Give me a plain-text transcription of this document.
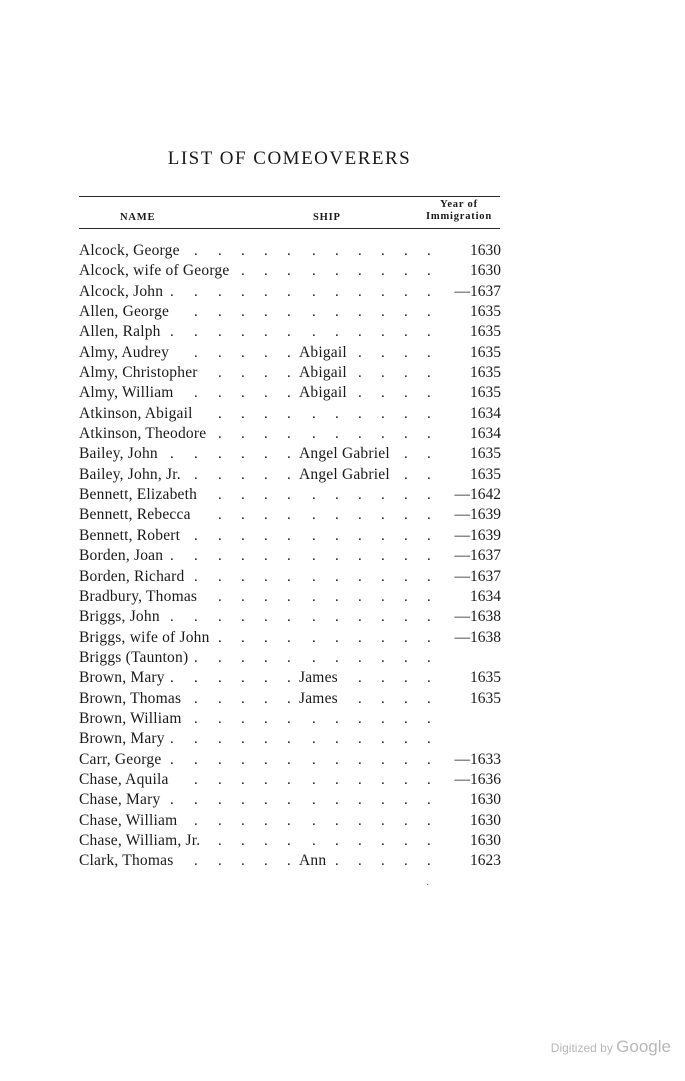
LIST OF COMEOVERERS
NAME	SHIP
Year of
Immigration
. . . . . . . . . . .
Alcock, George	1630
. . . . . . . . .
Alcock, wife of George	1630
. . . . . . . . . . . .
Alcock, John	—1637
. . . . . . . . . . .
Allen, George	1635
. . . . . . . . . . . .
Allen, Ralph	1635
. . . . .	. . . .
Almy, Audrey	Abigail	1635
. . . .	. . . .
Almy, Christopher	Abigail	1635
. . . . .	. . . .
Almy, William	Abigail	1635
. . . . . . . . . .
Atkinson, Abigail	1634
. . . . . . . . . .
Atkinson, Theodore	1634
. . . . . .	. .
Bailey, John	Angel Gabriel	1635
. . . . .	. .
Bailey, John, Jr.	Angel Gabriel	1635
. . . . . . . . . .
Bennett, Elizabeth	—1642
. . . . . . . . . .
Bennett, Rebecca	—1639
. . . . . . . . . . .
Bennett, Robert	—1639
. . . . . . . . . . . .
Borden, Joan	—1637
. . . . . . . . . . .
Borden, Richard	—1637
. . . . . . . . . .
Bradbury, Thomas	1634
. . . . . . . . . . . .
Briggs, John	—1638
. . . . . . . . . .
Briggs, wife of John	—1638
. . . . . . . . . . .
Briggs (Taunton)
. . . . . .	. . . .
Brown, Mary	James	1635
. . . . .	. . . .
Brown, Thomas	James	1635
. . . . . . . . . . .
Brown, William
. . . . . . . . . . . .
Brown, Mary
. . . . . . . . . . . .
Carr, George	—1633
. . . . . . . . . . .
Chase, Aquila	—1636
. . . . . . . . . . . .
Chase, Mary	1630
. . . . . . . . . . .
Chase, William	1630
. . . . . . . . . .
Chase, William, Jr.	1630
. . . . .	. . . . .
Clark, Thomas	Ann	1623
·
Digitized by Google
